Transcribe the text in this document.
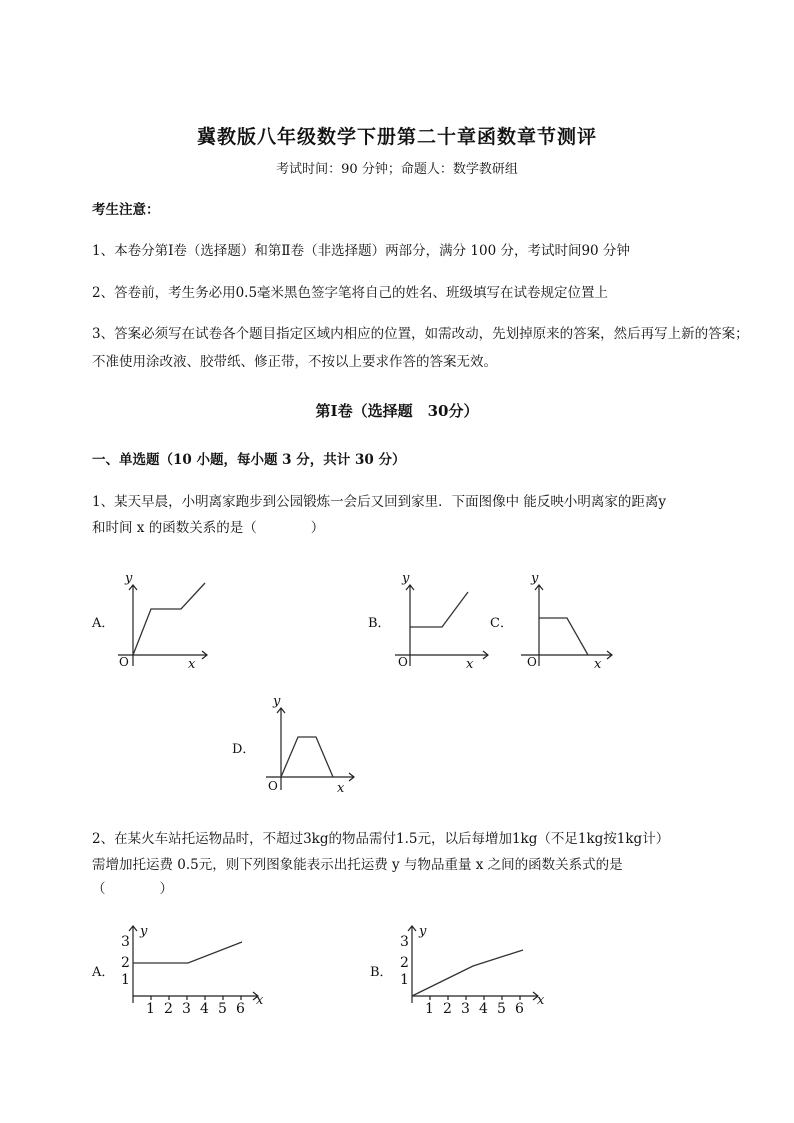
冀教版八年级数学下册第二十章函数章节测评
考试时间：90 分钟；命题人：数学教研组
考生注意：
1、本卷分第Ⅰ卷（选择题）和第Ⅱ卷（非选择题）两部分，满分 100 分，考试时间90 分钟
2、答卷前，考生务必用0.5毫米黑色签字笔将自己的姓名、班级填写在试卷规定位置上
3、答案必须写在试卷各个题目指定区域内相应的位置，如需改动，先划掉原来的答案，然后再写上新的答案；不准使用涂改液、胶带纸、修正带，不按以上要求作答的答案无效。
第Ⅰ卷（选择题　30分）
一、单选题（10 小题，每小题 3 分，共计 30 分）
1、某天早晨，小明离家跑步到公园锻炼一会后又回到家里．下面图像中 能反映小明离家的距离y
和时间 x 的函数关系的是（　　　　）
A．	B．	C．
D．
2、在某火车站托运物品时，不超过3kg的物品需付1.5元，以后每增加1kg（不足1kg按1kg计）
需增加托运费 0.5元，则下列图象能表示出托运费 y 与物品重量 x 之间的函数关系式的是
（　　　　）
A．	B．
y
x
O
y
x
O
y
x
O
y
x
O
1
2
3
1 2 3 4 5 6
y
x
1
2
3
1 2 3 4 5 6
y
x
